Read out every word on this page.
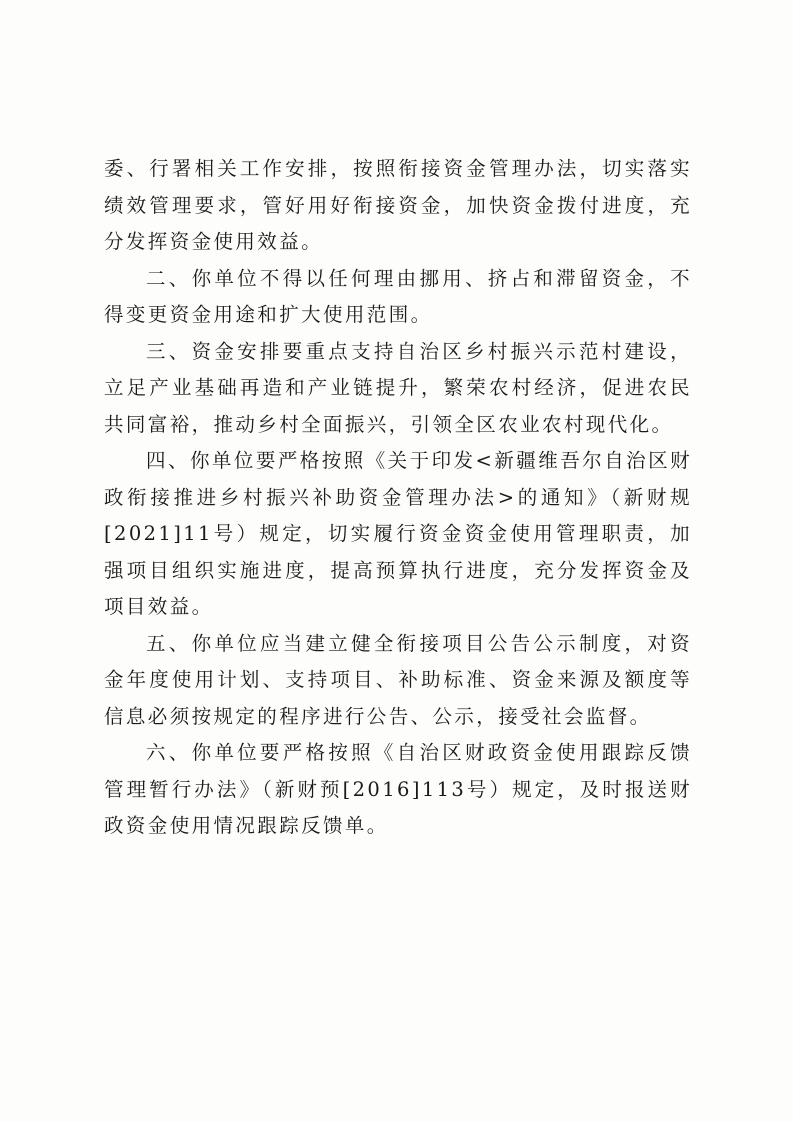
委、行署相关工作安排，按照衔接资金管理办法，切实落实绩效管理要求，管好用好衔接资金，加快资金拨付进度，充分发挥资金使用效益。

二、你单位不得以任何理由挪用、挤占和滞留资金，不得变更资金用途和扩大使用范围。

三、资金安排要重点支持自治区乡村振兴示范村建设，立足产业基础再造和产业链提升，繁荣农村经济，促进农民共同富裕，推动乡村全面振兴，引领全区农业农村现代化。

四、你单位要严格按照《关于印发<新疆维吾尔自治区财政衔接推进乡村振兴补助资金管理办法>的通知》（新财规[2021]11号）规定，切实履行资金资金使用管理职责，加强项目组织实施进度，提高预算执行进度，充分发挥资金及项目效益。

五、你单位应当建立健全衔接项目公告公示制度，对资金年度使用计划、支持项目、补助标准、资金来源及额度等信息必须按规定的程序进行公告、公示，接受社会监督。

六、你单位要严格按照《自治区财政资金使用跟踪反馈管理暂行办法》（新财预[2016]113号）规定，及时报送财政资金使用情况跟踪反馈单。
